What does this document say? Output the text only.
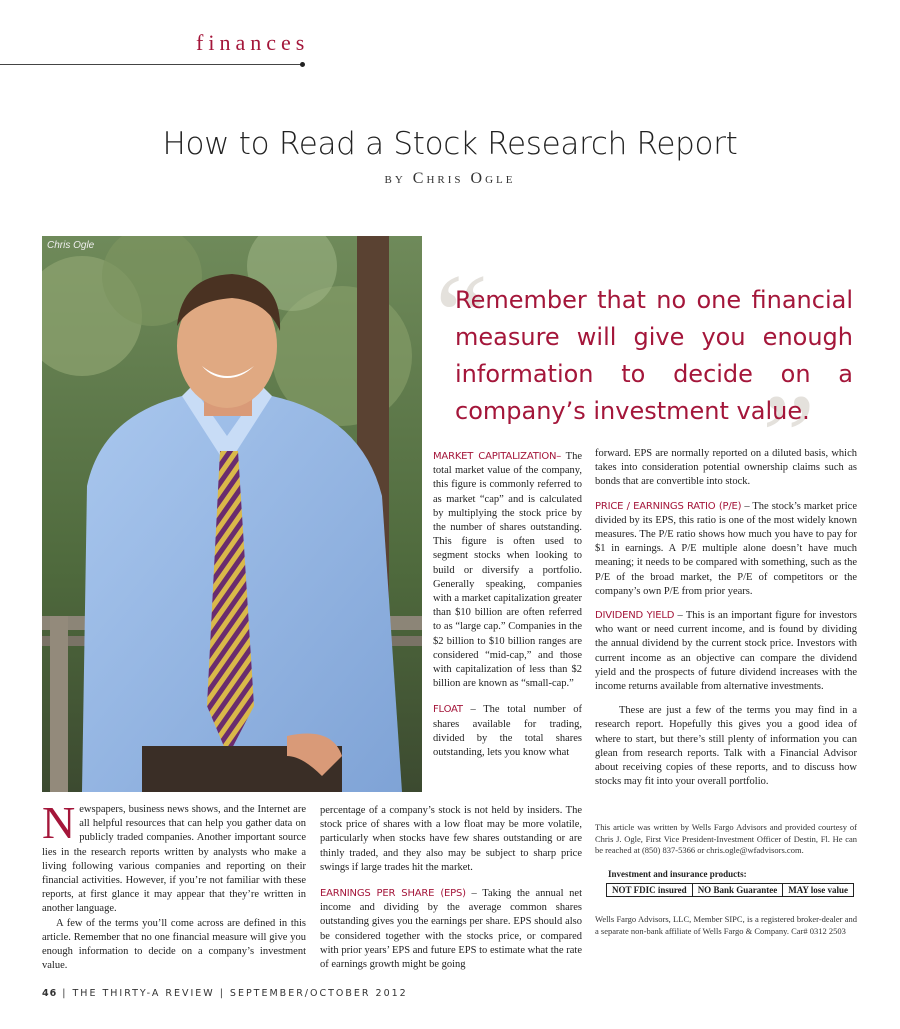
finances
How to Read a Stock Research Report
by Chris Ogle
Chris Ogle
“
”
Remember that no one financial measure will give you enough information to decide on a company’s investment value.

Newspapers, business news shows, and the Internet are all helpful resources that can help you gather data on publicly traded companies. Another important source lies in the research reports written by analysts who make a living following various companies and reporting on their financial activities. However, if you’re not familiar with these reports, at first glance it may appear that they’re written in another language.

A few of the terms you’ll come across are defined in this article. Remember that no one financial measure will give you enough information to decide on a company’s investment value.

MARKET CAPITALIZATION– The total market value of the company, this figure is commonly referred to as market “cap” and is calculated by multiplying the stock price by the number of shares outstanding. This figure is often used to segment stocks when looking to build or diversify a portfolio. Generally speaking, companies with a market capitalization greater than $10 billion are often referred to as “large cap.” Companies in the $2 billion to $10 billion ranges are considered “mid-cap,” and those with capitalization of less than $2 billion are known as “small-cap.”

FLOAT – The total number of shares available for trading, divided by the total shares outstanding, lets you know what

percentage of a company’s stock is not held by insiders. The stock price of shares with a low float may be more volatile, particularly when stocks have few shares outstanding or are thinly traded, and they also may be subject to sharp price swings if large trades hit the market.

EARNINGS PER SHARE (EPS) – Taking the annual net income and dividing by the average common shares outstanding gives you the earnings per share. EPS should also be considered together with the stocks price, or compared with prior years’ EPS and future EPS to estimate what the rate of earnings growth might be going

forward. EPS are normally reported on a diluted basis, which takes into consideration potential ownership claims such as bonds that are convertible into stock.

PRICE / EARNINGS RATIO (P/E) – The stock’s market price divided by its EPS, this ratio is one of the most widely known measures. The P/E ratio shows how much you have to pay for $1 in earnings. A P/E multiple alone doesn’t have much meaning; it needs to be compared with something, such as the P/E of the broad market, the P/E of competitors or the company’s own P/E from prior years.

DIVIDEND YIELD – This is an important figure for investors who want or need current income, and is found by dividing the annual dividend by the current stock price. Investors with current income as an objective can compare the dividend yield and the prospects of future dividend increases with the income returns available from alternative investments.

These are just a few of the terms you may find in a research report. Hopefully this gives you a good idea of where to start, but there’s still plenty of information you can glean from research reports. Talk with a Financial Advisor about receiving copies of these reports, and to discuss how stocks may fit into your overall portfolio.

This article was written by Wells Fargo Advisors and provided courtesy of Chris J. Ogle, First Vice President-Investment Officer of Destin, Fl. He can be reached at (850) 837-5366 or chris.ogle@wfadvisors.com.
Investment and insurance products:
NOT FDIC insured	NO Bank Guarantee	MAY lose value
Wells Fargo Advisors, LLC, Member SIPC, is a registered broker-dealer and a separate non-bank affiliate of Wells Fargo & Company. Car# 0312 2503
46 | THE THIRTY-A REVIEW | SEPTEMBER/OCTOBER 2012
